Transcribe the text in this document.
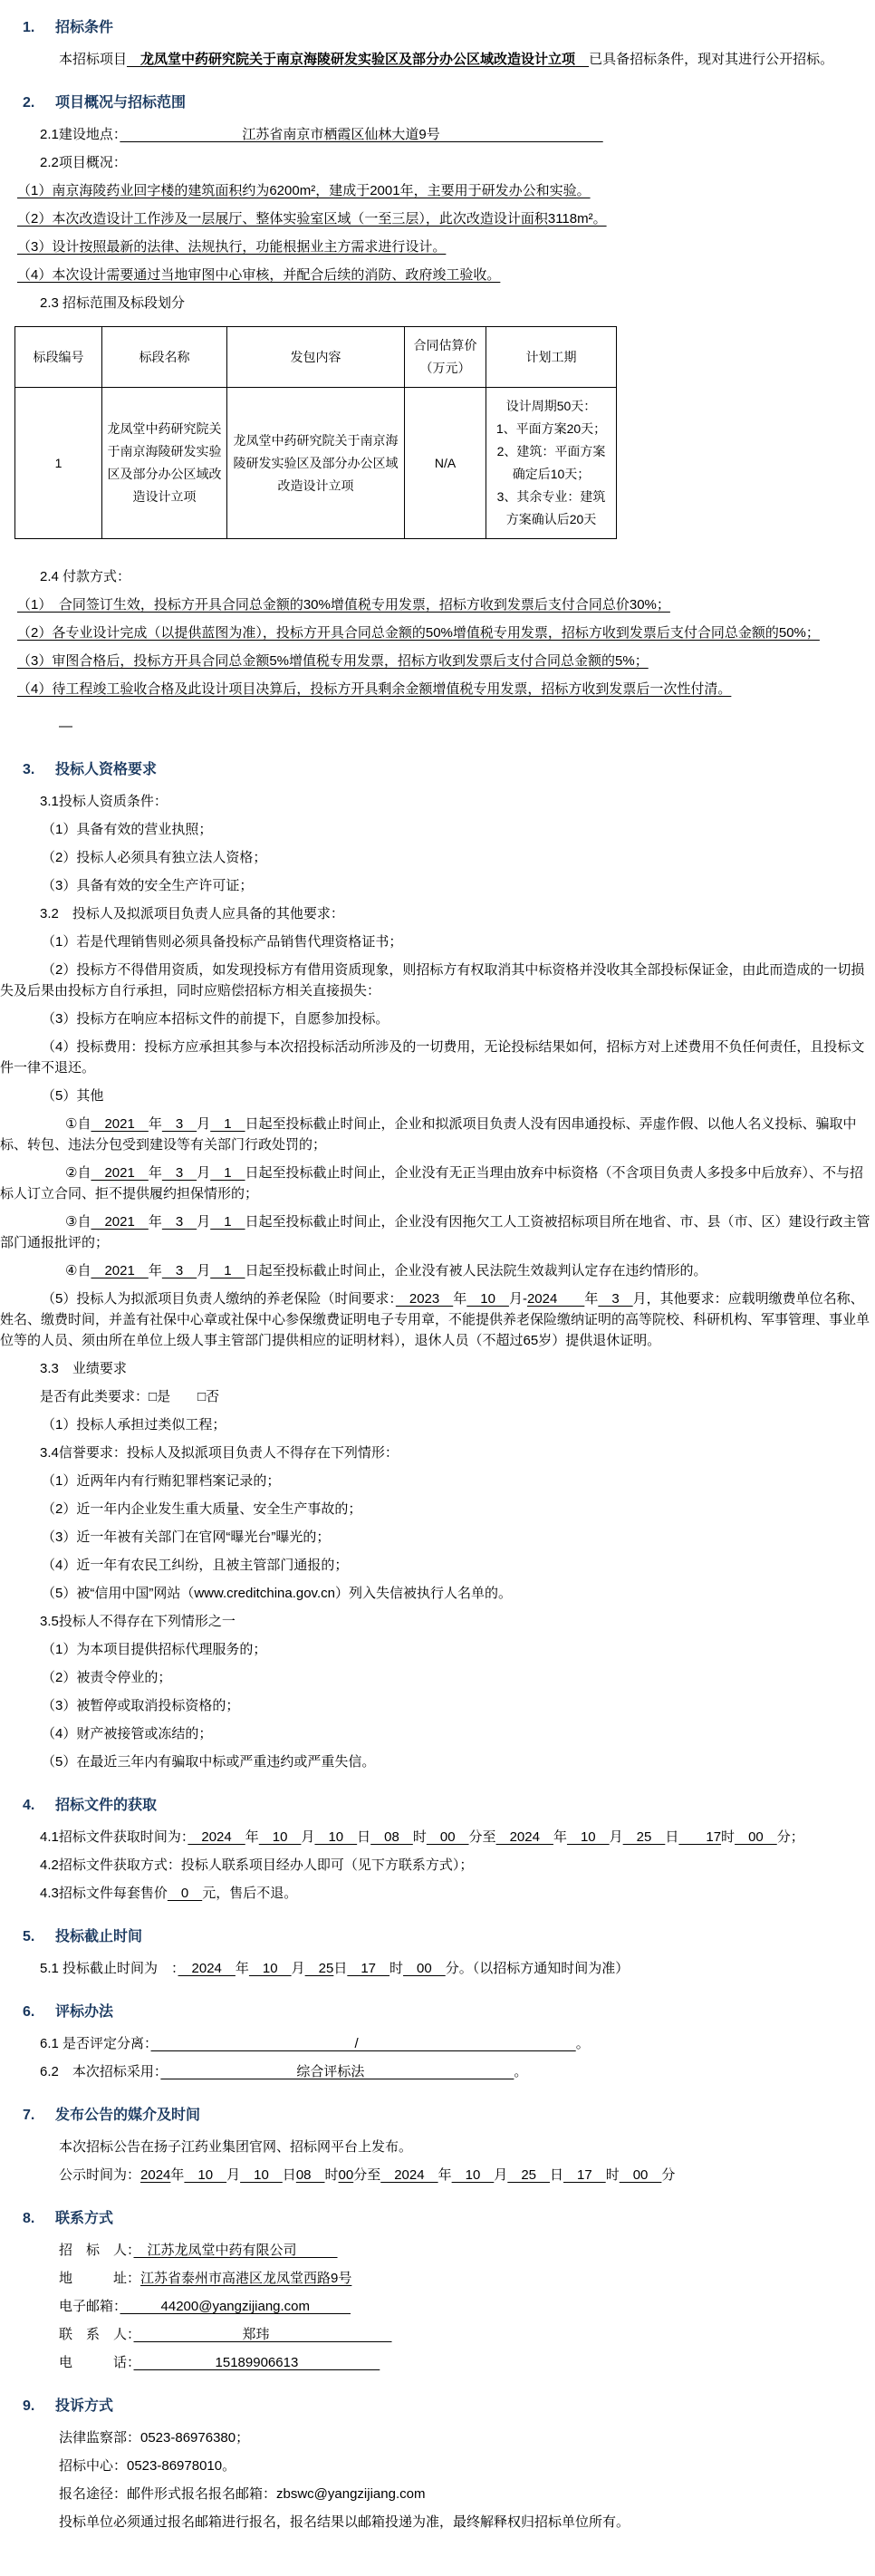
1.	招标条件

本招标项目　 龙凤堂中药研究院关于南京海陵研发实验区及部分办公区域改造设计立项　 已具备招标条件，现对其进行公开招标。

2.	项目概况与招标范围

2.1建设地点：　　　　　　　　　江苏省南京市栖霞区仙林大道9号　　　　　　　　　　　　

2.2项目概况：

（1）南京海陵药业回字楼的建筑面积约为6200m²，建成于2001年，主要用于研发办公和实验。

（2）本次改造设计工作涉及一层展厅、整体实验室区域（一至三层），此次改造设计面积3118m²。

（3）设计按照最新的法律、法规执行，功能根据业主方需求进行设计。

（4）本次设计需要通过当地审图中心审核，并配合后续的消防、政府竣工验收。

2.3 招标范围及标段划分

标段编号	标段名称	发包内容	合同估算价
（万元）	计划工期
1	龙凤堂中药研究院关于南京海陵研发实验区及部分办公区域改造设计立项	龙凤堂中药研究院关于南京海陵研发实验区及部分办公区域改造设计立项	N/A	设计周期50天：
1、平面方案20天；
2、建筑：平面方案确定后10天；
3、其余专业：建筑方案确认后20天

2.4 付款方式：

（1）　合同签订生效，投标方开具合同总金额的30%增值税专用发票，招标方收到发票后支付合同总价30%；

（2）各专业设计完成（以提供蓝图为准），投标方开具合同总金额的50%增值税专用发票，招标方收到发票后支付合同总金额的50%；

（3）审图合格后，投标方开具合同总金额5%增值税专用发票，招标方收到发票后支付合同总金额的5%；

（4）待工程竣工验收合格及此设计项目决算后，投标方开具剩余金额增值税专用发票，招标方收到发票后一次性付清。

—

3.	投标人资格要求

3.1投标人资质条件：

（1）具备有效的营业执照；

（2）投标人必须具有独立法人资格；

（3）具备有效的安全生产许可证；

3.2　投标人及拟派项目负责人应具备的其他要求：

（1）若是代理销售则必须具备投标产品销售代理资格证书；

（2）投标方不得借用资质，如发现投标方有借用资质现象，则招标方有权取消其中标资格并没收其全部投标保证金，由此而造成的一切损失及后果由投标方自行承担，同时应赔偿招标方相关直接损失：

（3）投标方在响应本招标文件的前提下，自愿参加投标。

（4）投标费用：投标方应承担其参与本次招投标活动所涉及的一切费用，无论投标结果如何，招标方对上述费用不负任何责任，且投标文件一律不退还。

（5）其他

①自　2021　年　3　月　1　日起至投标截止时间止，企业和拟派项目负责人没有因串通投标、弄虚作假、以他人名义投标、骗取中标、转包、违法分包受到建设等有关部门行政处罚的；

②自　2021　年　3　月　1　日起至投标截止时间止，企业没有无正当理由放弃中标资格（不含项目负责人多投多中后放弃）、不与招标人订立合同、拒不提供履约担保情形的；

③自　2021　年　3　月　1　日起至投标截止时间止，企业没有因拖欠工人工资被招标项目所在地省、市、县（市、区）建设行政主管部门通报批评的；

④自　2021　年　3　月　1　日起至投标截止时间止，企业没有被人民法院生效裁判认定存在违约情形的。

（5）投标人为拟派项目负责人缴纳的养老保险（时间要求：　2023　年　10　月-2024　　年　3　月，其他要求：应载明缴费单位名称、姓名、缴费时间，并盖有社保中心章或社保中心参保缴费证明电子专用章，不能提供养老保险缴纳证明的高等院校、科研机构、军事管理、事业单位等的人员、须由所在单位上级人事主管部门提供相应的证明材料），退休人员（不超过65岁）提供退休证明。

3.3　业绩要求

是否有此类要求：□是　　 □否

（1）投标人承担过类似工程；

3.4信誉要求：投标人及拟派项目负责人不得存在下列情形：

（1）近两年内有行贿犯罪档案记录的；

（2）近一年内企业发生重大质量、安全生产事故的；

（3）近一年被有关部门在官网“曝光台”曝光的；

（4）近一年有农民工纠纷，且被主管部门通报的；

（5）被“信用中国”网站（www.creditchina.gov.cn）列入失信被执行人名单的。

3.5投标人不得存在下列情形之一

（1）为本项目提供招标代理服务的；

（2）被责令停业的；

（3）被暂停或取消投标资格的；

（4）财产被接管或冻结的；

（5）在最近三年内有骗取中标或严重违约或严重失信。

4.	招标文件的获取

4.1招标文件获取时间为：　2024　年　10　月　10　日　08　时　00　分至　2024　年　10　月　25　日　　17时　00　分；

4.2招标文件获取方式：投标人联系项目经办人即可（见下方联系方式）；

4.3招标文件每套售价　0　元，售后不退。

5.	投标截止时间

5.1 投标截止时间为　：　2024　年　10　月　25日　17　时　00　分。（以招标方通知时间为准）

6.	评标办法

6.1 是否评定分离：　　　　　　　　　　　　　　　/　　　　　　　　　　　　　　　　。

6.2　本次招标采用：　　　　　　　　　　综合评标法　　　　　　　　　　　。

7.	发布公告的媒介及时间

本次招标公告在扬子江药业集团官网、招标网平台上发布。

公示时间为：2024年　10　月　10　日08　时00分至　2024　年　10　月　25　日　17　时　00　分

8.	联系方式

招　标　人：　江苏龙凤堂中药有限公司　　　

地　　　址：江苏省泰州市高港区龙凤堂西路9号

电子邮箱：　　　44200@yangzijiang.com　　　

联　系　人：　　　　　　　　郑玮　　　　　　　　　

电　　　话：　　　　　　15189906613　　　　　　

9.	投诉方式

法律监察部：0523-86976380；

招标中心：0523-86978010。

报名途径：邮件形式报名报名邮箱：zbswc@yangzijiang.com

投标单位必须通过报名邮箱进行报名，报名结果以邮箱投递为准，最终解释权归招标单位所有。
